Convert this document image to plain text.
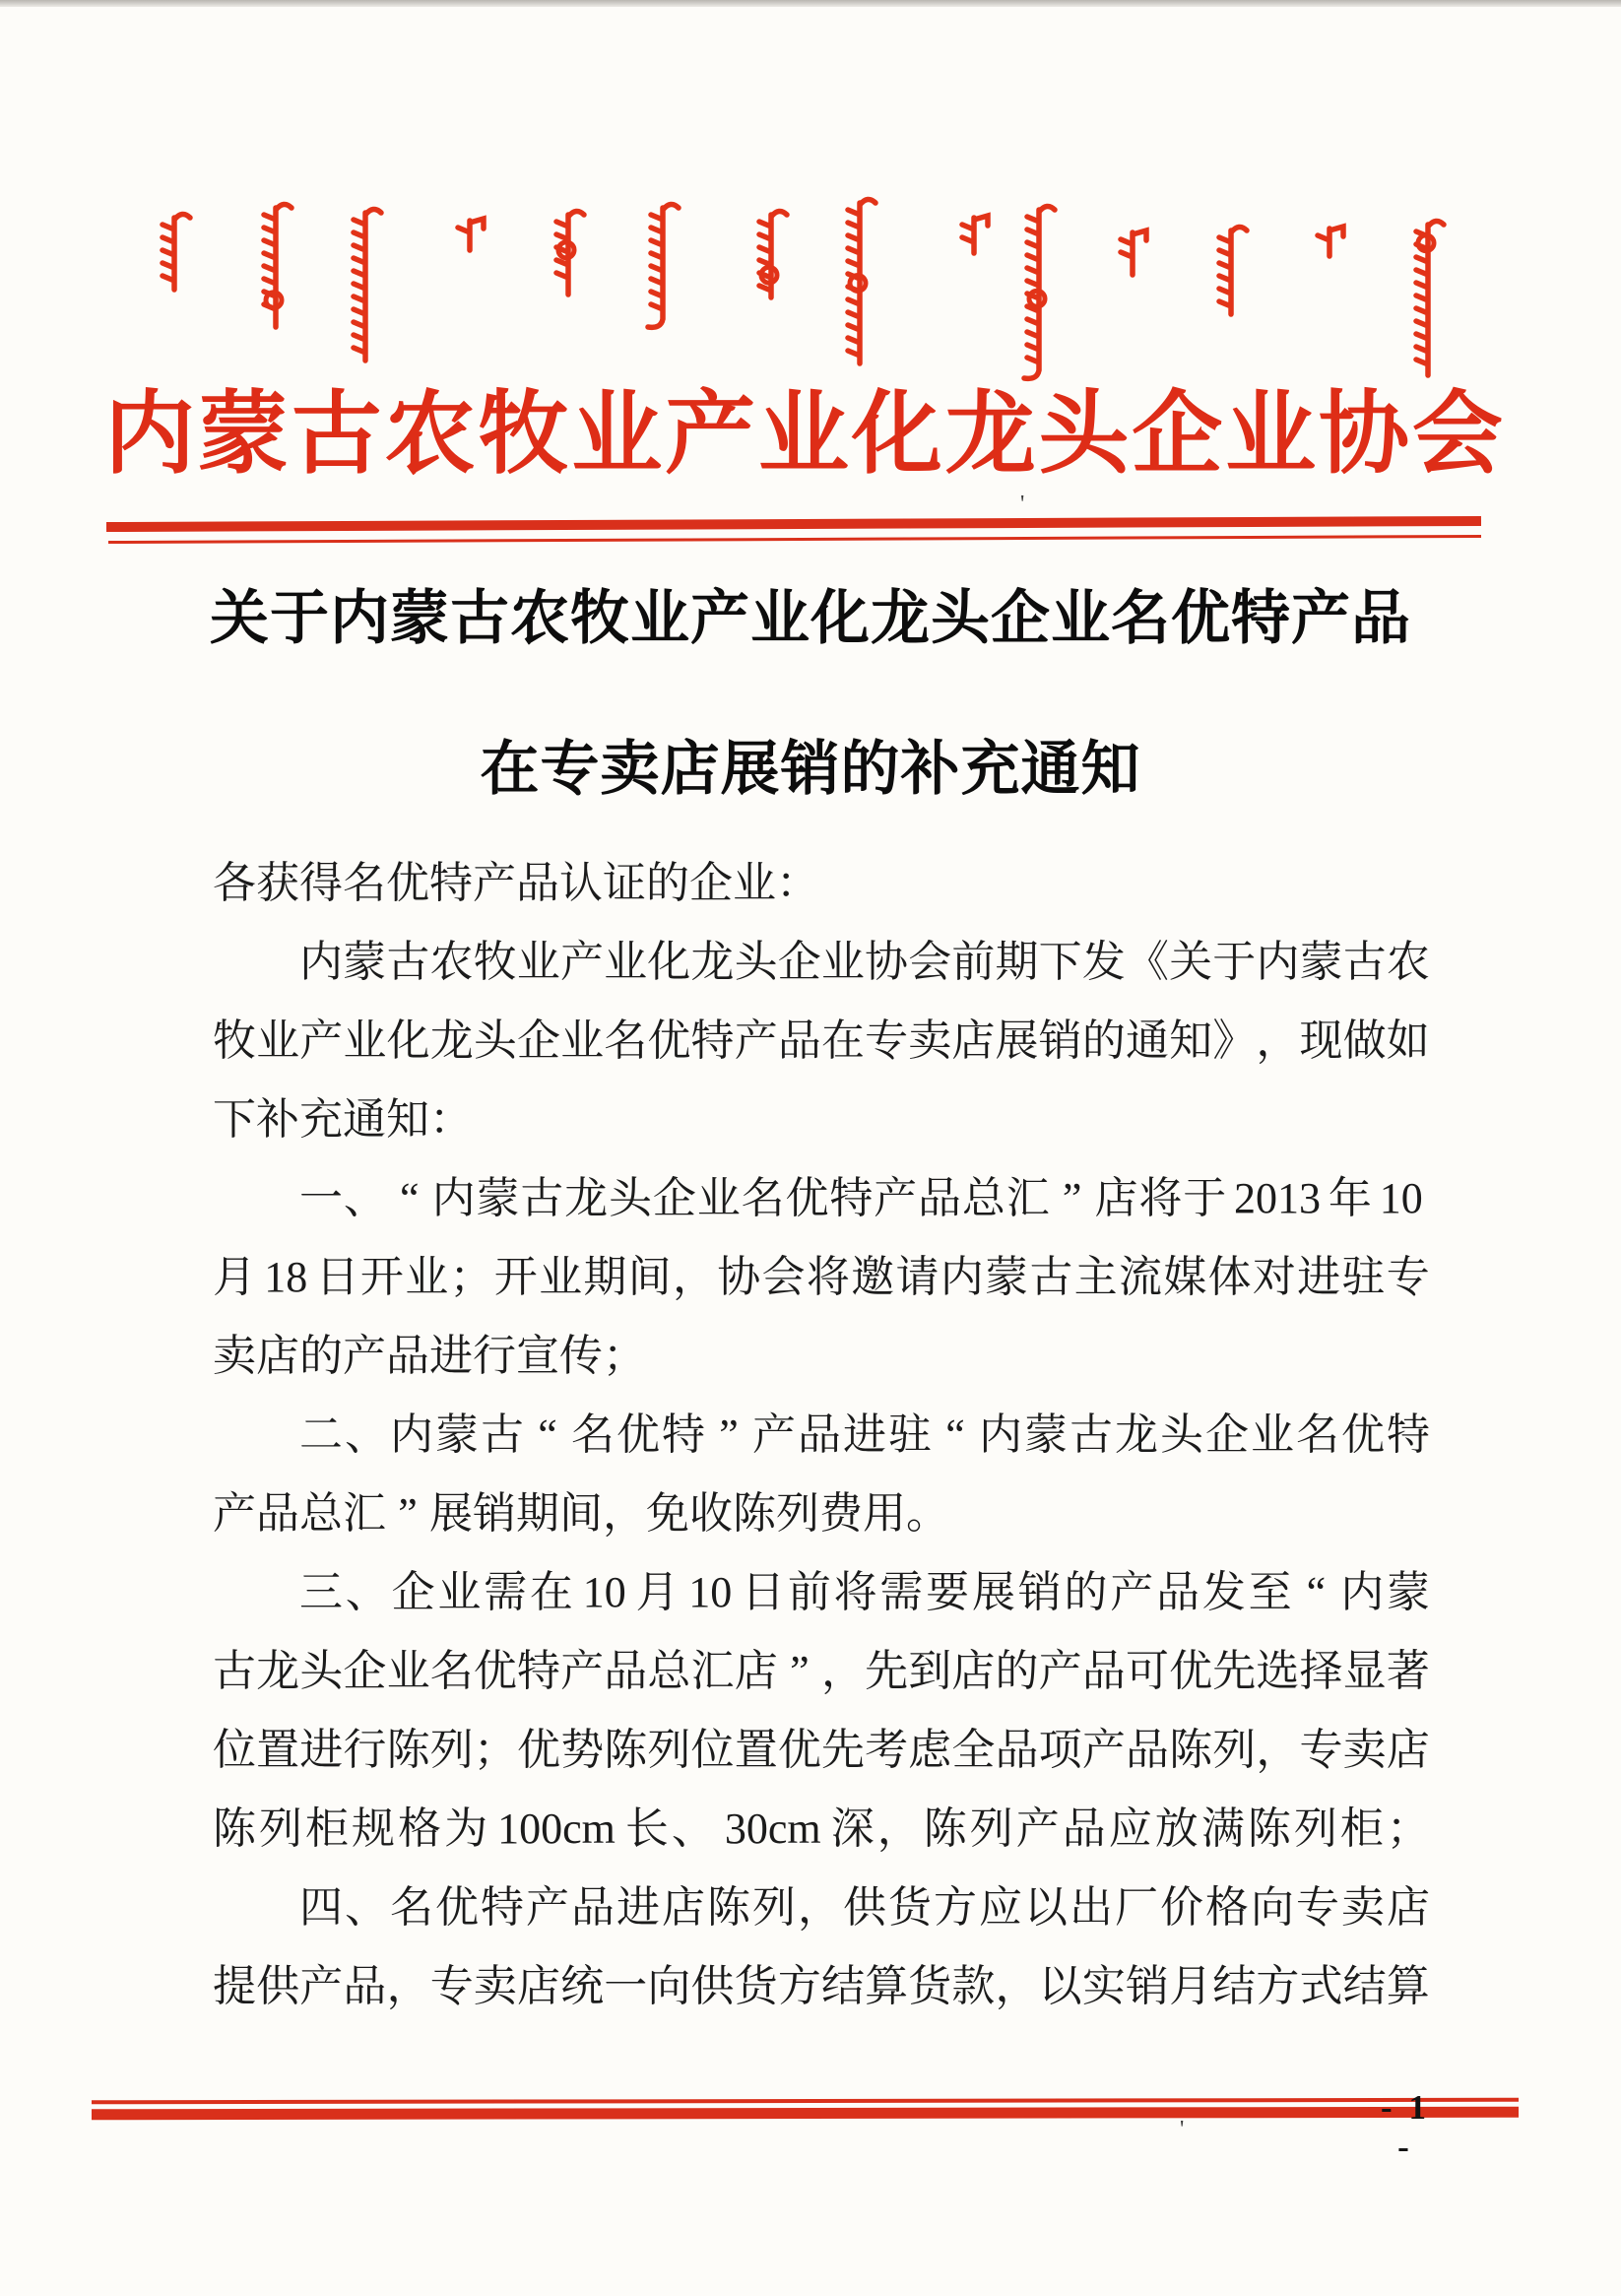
内 蒙 古 农 牧 业 产 业 化 龙 头 企 业 协 会
关于内蒙古农牧业产业化龙头企业名优特产品
在专卖店展销的补充通知
各 获 得 名 优 特 产 品 认 证 的 企 业 ：
内 蒙 古 农 牧 业 产 业 化 龙 头 企 业 协 会 前 期 下 发 《 关 于 内 蒙 古 农
牧 业 产 业 化 龙 头 企 业 名 优 特 产 品 在 专 卖 店 展 销 的 通 知 》 ， 现 做 如
下 补 充 通 知 ：
一 、 “ 内 蒙 古 龙 头 企 业 名 优 特 产 品 总 汇 ” 店 将 于 2013 年 10
月 18 日 开 业 ； 开 业 期 间 ， 协 会 将 邀 请 内 蒙 古 主 流 媒 体 对 进 驻 专
卖 店 的 产 品 进 行 宣 传 ；
二 、 内 蒙 古 “ 名 优 特 ” 产 品 进 驻 “ 内 蒙 古 龙 头 企 业 名 优 特
产 品 总 汇 ” 展 销 期 间 ， 免 收 陈 列 费 用 。
三 、 企 业 需 在 10 月 10 日 前 将 需 要 展 销 的 产 品 发 至 “ 内 蒙
古 龙 头 企 业 名 优 特 产 品 总 汇 店 ” ， 先 到 店 的 产 品 可 优 先 选 择 显 著
位 置 进 行 陈 列 ； 优 势 陈 列 位 置 优 先 考 虑 全 品 项 产 品 陈 列 ， 专 卖 店
陈 列 柜 规 格 为 100cm 长 、 30cm 深 ， 陈 列 产 品 应 放 满 陈 列 柜 ；
四 、 名 优 特 产 品 进 店 陈 列 ， 供 货 方 应 以 出 厂 价 格 向 专 卖 店
提 供 产 品 ， 专 卖 店 统 一 向 供 货 方 结 算 货 款 ， 以 实 销 月 结 方 式 结 算
- 1 -
'
'
